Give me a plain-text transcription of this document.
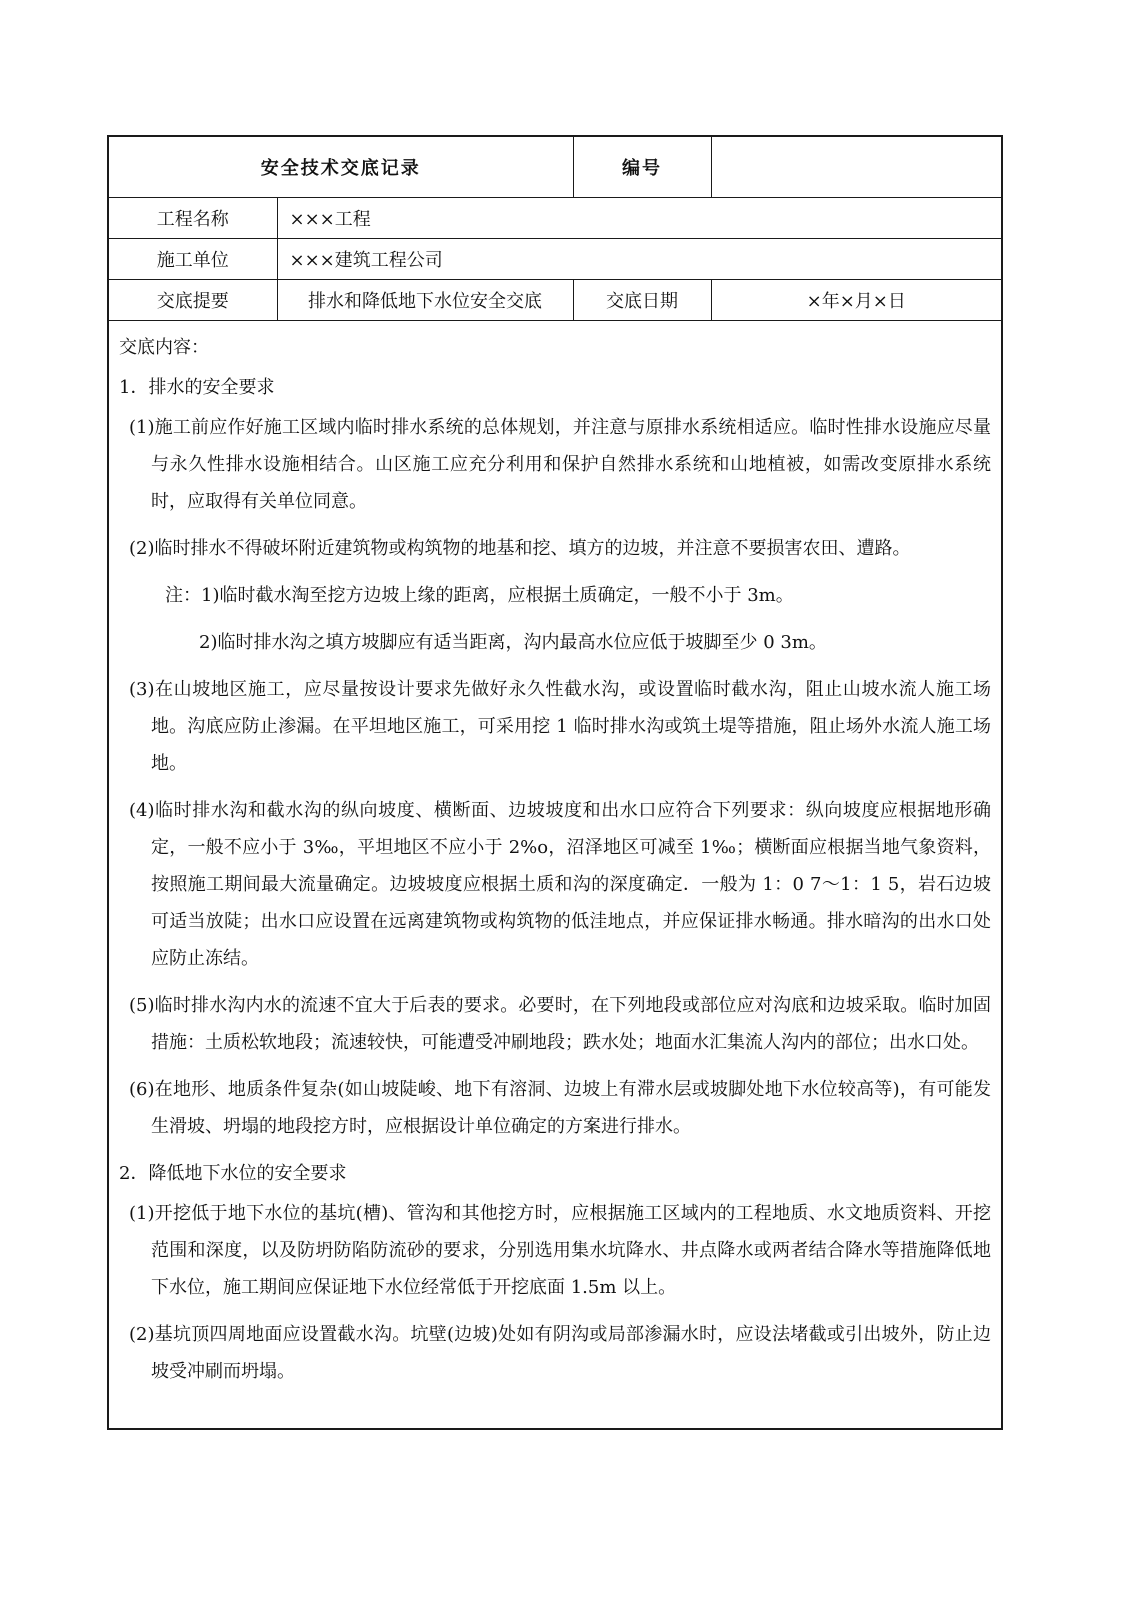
安全技术交底记录		编号	
工程名称	×××工程		
施工单位	×××建筑工程公司		
交底提要	排水和降低地下水位安全交底	交底日期	×年×月×日

交底内容：

1．排水的安全要求

(1)施工前应作好施工区域内临时排水系统的总体规划，并注意与原排水系统相适应。临时性排水设施应尽量与永久性排水设施相结合。山区施工应充分利用和保护自然排水系统和山地植被，如需改变原排水系统时，应取得有关单位同意。

(2)临时排水不得破坏附近建筑物或构筑物的地基和挖、填方的边坡，并注意不要损害农田、遭路。

注：1)临时截水淘至挖方边坡上缘的距离，应根据土质确定，一般不小于 3m。

2)临时排水沟之填方坡脚应有适当距离，沟内最高水位应低于坡脚至少 0 3m。

(3)在山坡地区施工，应尽量按设计要求先做好永久性截水沟，或设置临时截水沟，阻止山坡水流人施工场地。沟底应防止渗漏。在平坦地区施工，可采用挖 1 临时排水沟或筑土堤等措施，阻止场外水流人施工场地。

(4)临时排水沟和截水沟的纵向坡度、横断面、边坡坡度和出水口应符合下列要求：纵向坡度应根据地形确定，一般不应小于 3‰，平坦地区不应小于 2%o，沼泽地区可减至 1‰；横断面应根据当地气象资料，按照施工期间最大流量确定。边坡坡度应根据土质和沟的深度确定．一般为 1：0 7～1：1 5，岩石边坡可适当放陡；出水口应设置在远离建筑物或构筑物的低洼地点，并应保证排水畅通。排水暗沟的出水口处应防止冻结。

(5)临时排水沟内水的流速不宜大于后表的要求。必要时，在下列地段或部位应对沟底和边坡采取。临时加固措施：土质松软地段；流速较快，可能遭受冲刷地段；跌水处；地面水汇集流人沟内的部位；出水口处。

(6)在地形、地质条件复杂(如山坡陡峻、地下有溶洞、边坡上有滞水层或坡脚处地下水位较高等)，有可能发生滑坡、坍塌的地段挖方时，应根据设计单位确定的方案进行排水。

2．降低地下水位的安全要求

(1)开挖低于地下水位的基坑(槽)、管沟和其他挖方时，应根据施工区域内的工程地质、水文地质资料、开挖范围和深度，以及防坍防陷防流砂的要求，分别选用集水坑降水、井点降水或两者结合降水等措施降低地下水位，施工期间应保证地下水位经常低于开挖底面 1.5m 以上。

(2)基坑顶四周地面应设置截水沟。坑壁(边坡)处如有阴沟或局部渗漏水时，应设法堵截或引出坡外，防止边坡受冲刷而坍塌。
